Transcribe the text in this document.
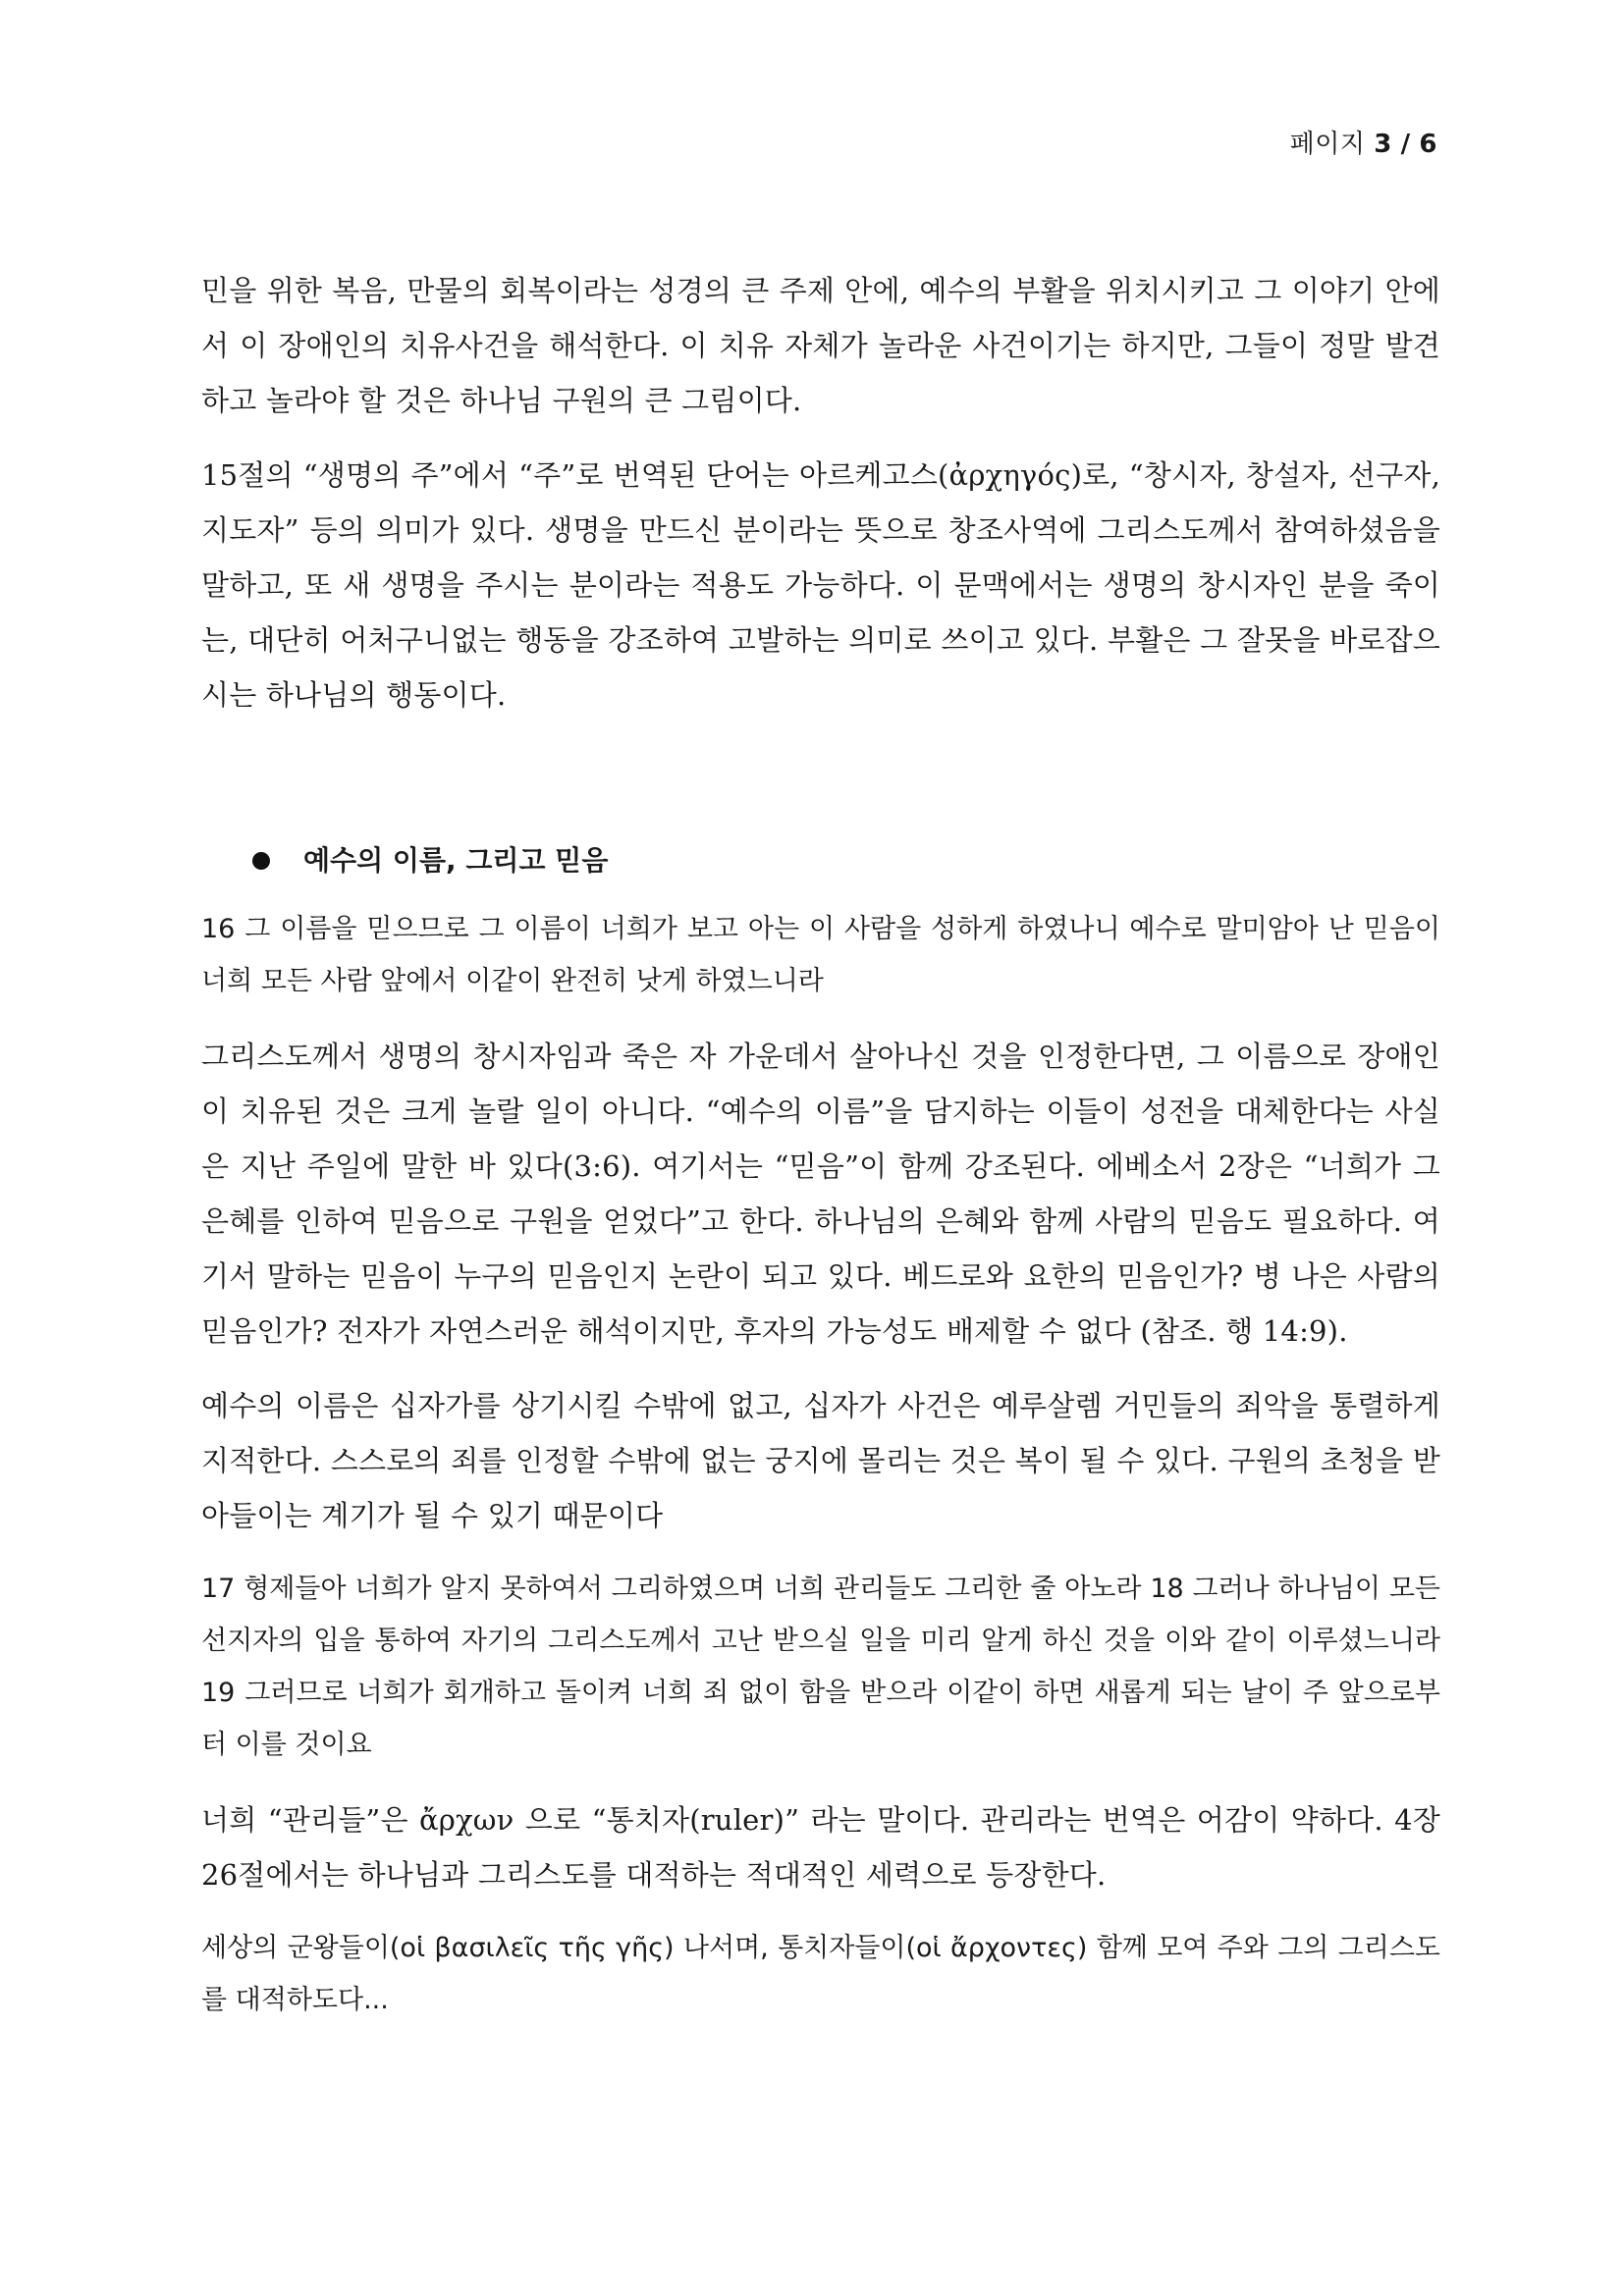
페이지 3 / 6

민을 위한 복음, 만물의 회복이라는 성경의 큰 주제 안에, 예수의 부활을 위치시키고 그 이야기 안에서 이 장애인의 치유사건을 해석한다. 이 치유 자체가 놀라운 사건이기는 하지만, 그들이 정말 발견하고 놀라야 할 것은 하나님 구원의 큰 그림이다.

15절의 “생명의 주”에서 “주”로 번역된 단어는 아르케고스(ἀρχηγός)로, “창시자, 창설자, 선구자, 지도자” 등의 의미가 있다. 생명을 만드신 분이라는 뜻으로 창조사역에 그리스도께서 참여하셨음을 말하고, 또 새 생명을 주시는 분이라는 적용도 가능하다. 이 문맥에서는 생명의 창시자인 분을 죽이는, 대단히 어처구니없는 행동을 강조하여 고발하는 의미로 쓰이고 있다. 부활은 그 잘못을 바로잡으시는 하나님의 행동이다.

예수의 이름, 그리고 믿음

16 그 이름을 믿으므로 그 이름이 너희가 보고 아는 이 사람을 성하게 하였나니 예수로 말미암아 난 믿음이 너희 모든 사람 앞에서 이같이 완전히 낫게 하였느니라

그리스도께서 생명의 창시자임과 죽은 자 가운데서 살아나신 것을 인정한다면, 그 이름으로 장애인이 치유된 것은 크게 놀랄 일이 아니다. “예수의 이름”을 담지하는 이들이 성전을 대체한다는 사실은 지난 주일에 말한 바 있다(3:6). 여기서는 “믿음”이 함께 강조된다. 에베소서 2장은 “너희가 그 은혜를 인하여 믿음으로 구원을 얻었다”고 한다. 하나님의 은혜와 함께 사람의 믿음도 필요하다. 여기서 말하는 믿음이 누구의 믿음인지 논란이 되고 있다. 베드로와 요한의 믿음인가? 병 나은 사람의 믿음인가? 전자가 자연스러운 해석이지만, 후자의 가능성도 배제할 수 없다 (참조. 행 14:9).

예수의 이름은 십자가를 상기시킬 수밖에 없고, 십자가 사건은 예루살렘 거민들의 죄악을 통렬하게 지적한다. 스스로의 죄를 인정할 수밖에 없는 궁지에 몰리는 것은 복이 될 수 있다. 구원의 초청을 받아들이는 계기가 될 수 있기 때문이다

17 형제들아 너희가 알지 못하여서 그리하였으며 너희 관리들도 그리한 줄 아노라 18 그러나 하나님이 모든 선지자의 입을 통하여 자기의 그리스도께서 고난 받으실 일을 미리 알게 하신 것을 이와 같이 이루셨느니라 19 그러므로 너희가 회개하고 돌이켜 너희 죄 없이 함을 받으라 이같이 하면 새롭게 되는 날이 주 앞으로부터 이를 것이요

너희 “관리들”은 ἄρχων 으로 “통치자(ruler)” 라는 말이다. 관리라는 번역은 어감이 약하다. 4장 26절에서는 하나님과 그리스도를 대적하는 적대적인 세력으로 등장한다.

세상의 군왕들이(οἱ βασιλεῖς τῆς γῆς) 나서며, 통치자들이(οἱ ἄρχοντες) 함께 모여 주와 그의 그리스도를 대적하도다...
